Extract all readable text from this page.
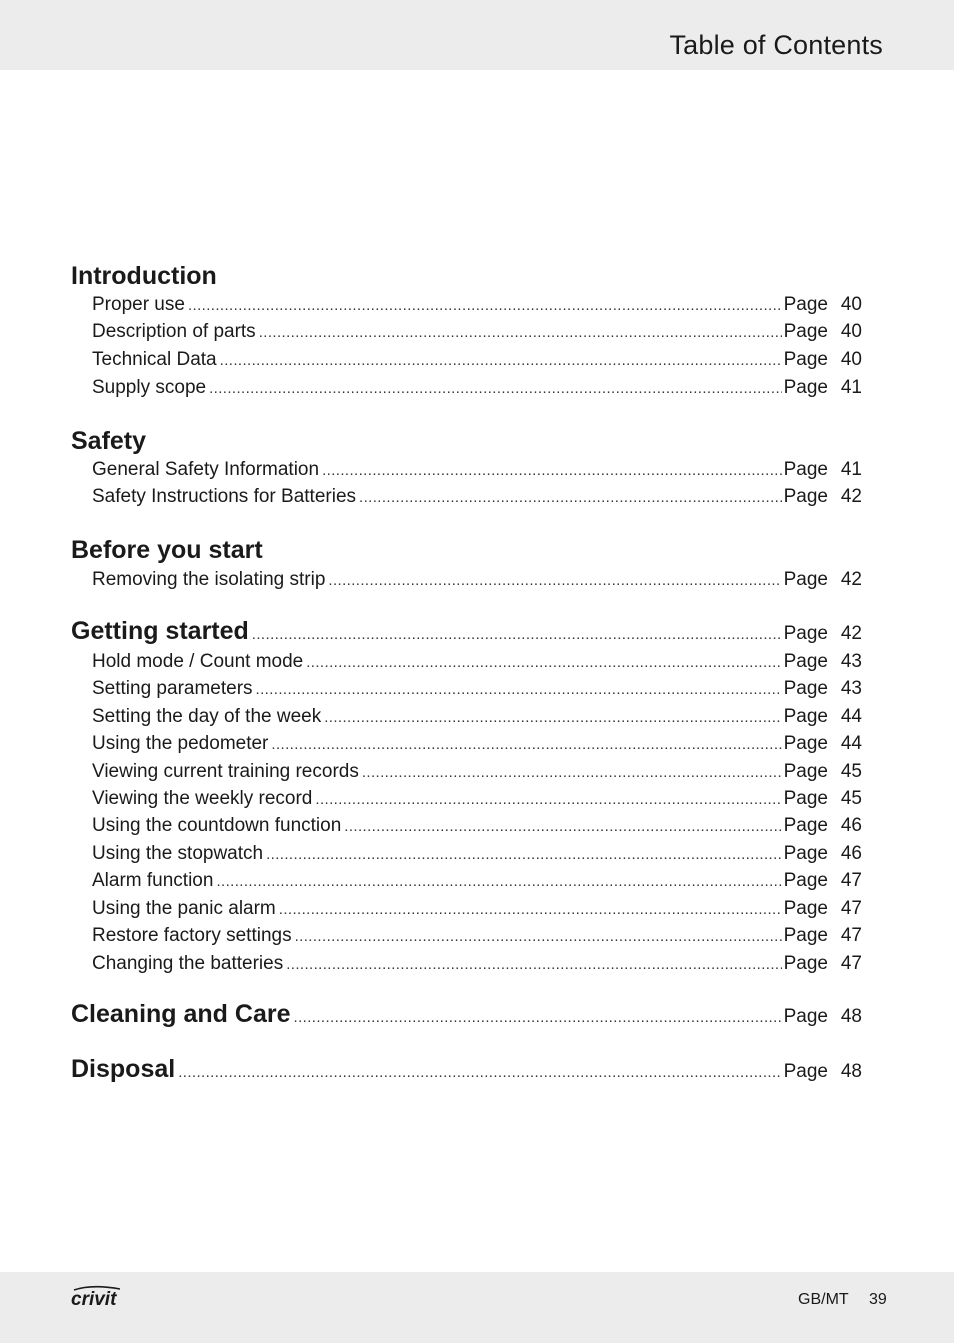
Table of Contents
Introduction
Proper use .....	Page 40
Description of parts .....	Page 40
Technical Data .....	Page 40
Supply scope .....	Page 41
Safety
General Safety Information .....	Page 41
Safety Instructions for Batteries .....	Page 42
Before you start
Removing the isolating strip .....	Page 42
Getting started .....	Page 42
Hold mode / Count mode .....	Page 43
Setting parameters .....	Page 43
Setting the day of the week .....	Page 44
Using the pedometer .....	Page 44
Viewing current training records .....	Page 45
Viewing the weekly record .....	Page 45
Using the countdown function .....	Page 46
Using the stopwatch .....	Page 46
Alarm function .....	Page 47
Using the panic alarm .....	Page 47
Restore factory settings .....	Page 47
Changing the batteries .....	Page 47
Cleaning and Care .....	Page 48
Disposal .....	Page 48
crivit	GB/MT 39
